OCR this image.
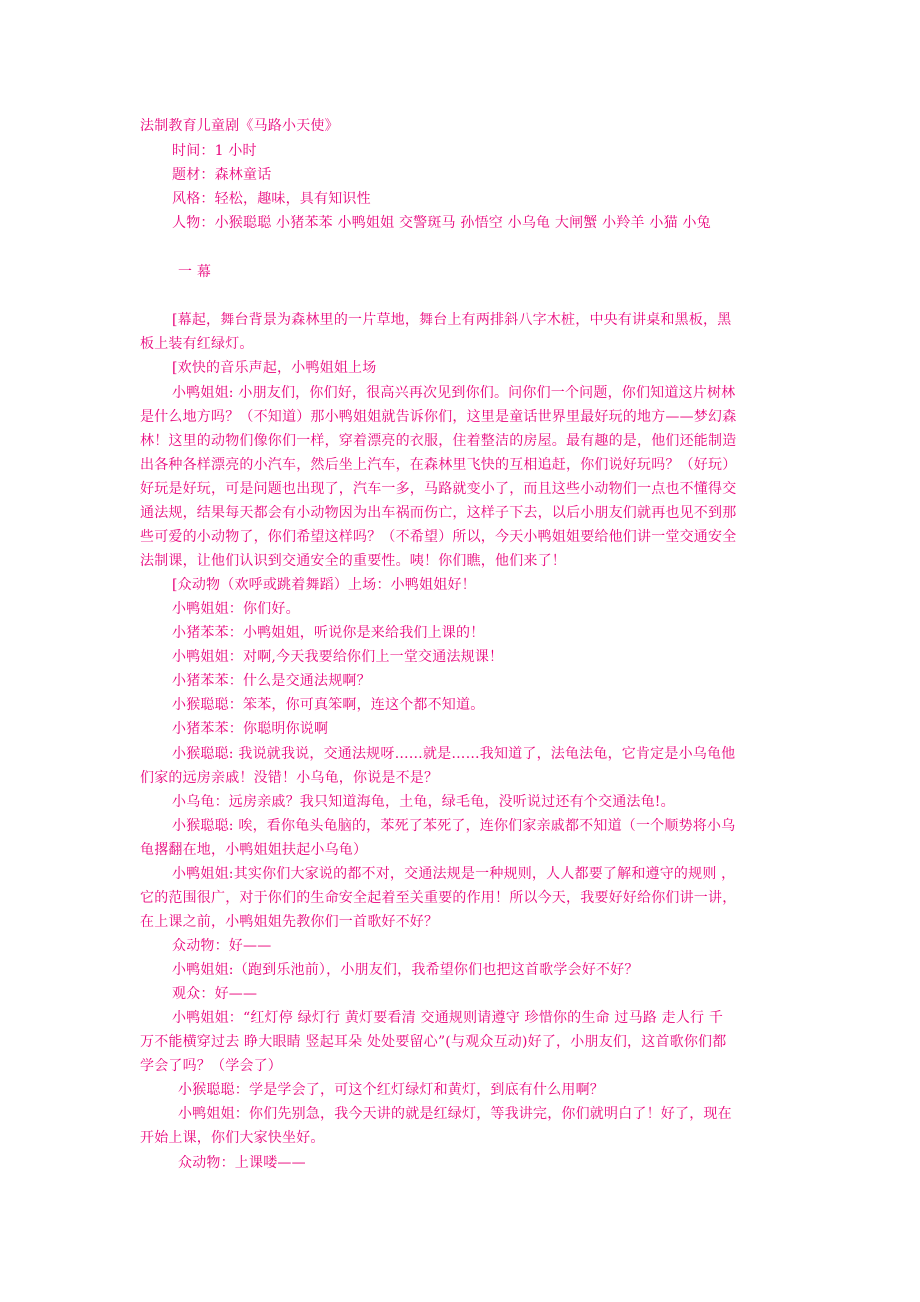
法制教育儿童剧《马路小天使》
时间：1 小时
题材：森林童话
风格：轻松，趣味，具有知识性
人物：小猴聪聪 小猪苯苯 小鸭姐姐 交警斑马 孙悟空 小乌龟 大闸蟹 小羚羊 小猫 小兔
一 幕
[幕起，舞台背景为森林里的一片草地，舞台上有两排斜八字木桩，中央有讲桌和黑板，黑
板上装有红绿灯。
[欢快的音乐声起，小鸭姐姐上场
小鸭姐姐: 小朋友们，你们好，很高兴再次见到你们。问你们一个问题，你们知道这片树林
是什么地方吗？（不知道）那小鸭姐姐就告诉你们，这里是童话世界里最好玩的地方——梦幻森
林！这里的动物们像你们一样，穿着漂亮的衣服，住着整洁的房屋。最有趣的是，他们还能制造
出各种各样漂亮的小汽车，然后坐上汽车，在森林里飞快的互相追赶，你们说好玩吗？（好玩）
好玩是好玩，可是问题也出现了，汽车一多，马路就变小了，而且这些小动物们一点也不懂得交
通法规，结果每天都会有小动物因为出车祸而伤亡，这样子下去，以后小朋友们就再也见不到那
些可爱的小动物了，你们希望这样吗？（不希望）所以，今天小鸭姐姐要给他们讲一堂交通安全
法制课，让他们认识到交通安全的重要性。咦！你们瞧，他们来了！
[众动物（欢呼或跳着舞蹈）上场：小鸭姐姐好！
小鸭姐姐：你们好。
小猪苯苯：小鸭姐姐，听说你是来给我们上课的！
小鸭姐姐：对啊,今天我要给你们上一堂交通法规课！
小猪苯苯：什么是交通法规啊？
小猴聪聪：笨苯，你可真笨啊，连这个都不知道。
小猪苯苯：你聪明你说啊
小猴聪聪: 我说就我说，交通法规呀……就是……我知道了，法龟法龟，它肯定是小乌龟他
们家的远房亲戚！没错！小乌龟，你说是不是？
小乌龟：远房亲戚？我只知道海龟，土龟，绿毛龟，没听说过还有个交通法龟!。
小猴聪聪: 唉，看你龟头龟脑的，苯死了苯死了，连你们家亲戚都不知道（一个顺势将小乌
龟撂翻在地，小鸭姐姐扶起小乌龟）
小鸭姐姐:其实你们大家说的都不对，交通法规是一种规则，人人都要了解和遵守的规则 ，
它的范围很广，对于你们的生命安全起着至关重要的作用！所以今天，我要好好给你们讲一讲，
在上课之前，小鸭姐姐先教你们一首歌好不好？
众动物：好——
小鸭姐姐:（跑到乐池前），小朋友们，我希望你们也把这首歌学会好不好？
观众：好——
小鸭姐姐：“红灯停 绿灯行 黄灯要看清 交通规则请遵守 珍惜你的生命 过马路 走人行 千
万不能横穿过去 睁大眼睛 竖起耳朵 处处要留心”(与观众互动)好了，小朋友们，这首歌你们都
学会了吗？（学会了）
小猴聪聪：学是学会了，可这个红灯绿灯和黄灯，到底有什么用啊？
小鸭姐姐：你们先别急，我今天讲的就是红绿灯，等我讲完，你们就明白了！好了，现在
开始上课，你们大家快坐好。
众动物：上课喽——
